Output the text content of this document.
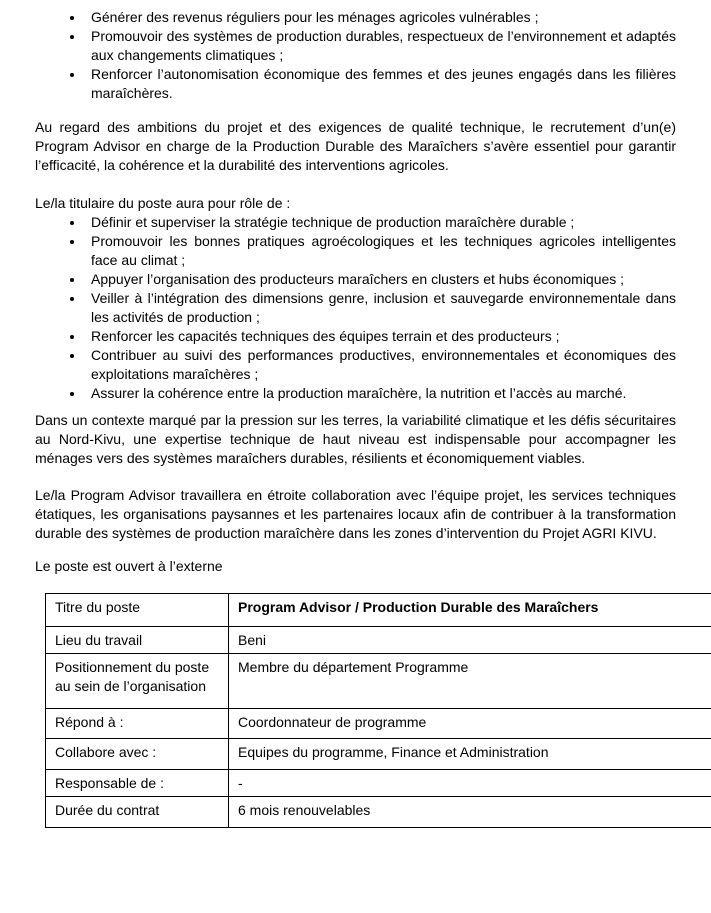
• Générer des revenus réguliers pour les ménages agricoles vulnérables ;
• Promouvoir des systèmes de production durables, respectueux de l’environnement et adaptés aux changements climatiques ;
• Renforcer l’autonomisation économique des femmes et des jeunes engagés dans les filières maraîchères.

Au regard des ambitions du projet et des exigences de qualité technique, le recrutement d’un(e) Program Advisor en charge de la Production Durable des Maraîchers s’avère essentiel pour garantir l’efficacité, la cohérence et la durabilité des interventions agricoles.

Le/la titulaire du poste aura pour rôle de :

• Définir et superviser la stratégie technique de production maraîchère durable ;
• Promouvoir les bonnes pratiques agroécologiques et les techniques agricoles intelligentes face au climat ;
• Appuyer l’organisation des producteurs maraîchers en clusters et hubs économiques ;
• Veiller à l’intégration des dimensions genre, inclusion et sauvegarde environnementale dans les activités de production ;
• Renforcer les capacités techniques des équipes terrain et des producteurs ;
• Contribuer au suivi des performances productives, environnementales et économiques des exploitations maraîchères ;
• Assurer la cohérence entre la production maraîchère, la nutrition et l’accès au marché.

Dans un contexte marqué par la pression sur les terres, la variabilité climatique et les défis sécuritaires au Nord-Kivu, une expertise technique de haut niveau est indispensable pour accompagner les ménages vers des systèmes maraîchers durables, résilients et économiquement viables.

Le/la Program Advisor travaillera en étroite collaboration avec l’équipe projet, les services techniques étatiques, les organisations paysannes et les partenaires locaux afin de contribuer à la transformation durable des systèmes de production maraîchère dans les zones d’intervention du Projet AGRI KIVU.

Le poste est ouvert à l’externe

Titre du poste	Program Advisor / Production Durable des Maraîchers
Lieu du travail	Beni
Positionnement du poste au sein de l’organisation	Membre du département Programme
Répond à :	Coordonnateur de programme
Collabore avec :	Equipes du programme, Finance et Administration
Responsable de :	-
Durée du contrat	6 mois renouvelables
